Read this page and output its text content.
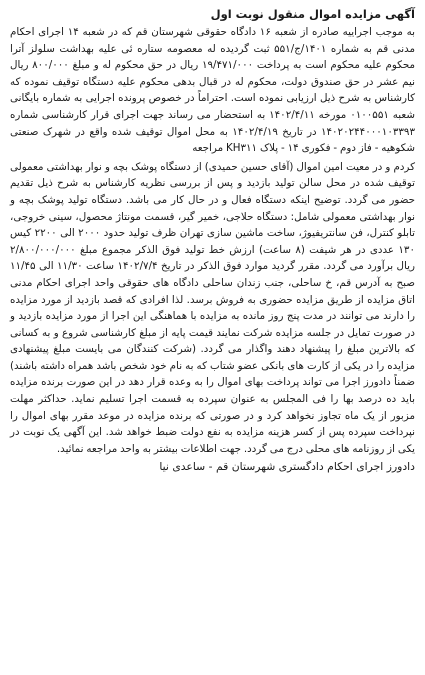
آگهی مزایده اموال منقول نوبت اول

به موجب اجراییه صادره از شعبه ۱۶ دادگاه حقوقی شهرستان قم که در شعبه ۱۴ اجرای احکام مدنی قم به شماره ۱۴۰۱/ج/۵۵۱ ثبت گردیده له معصومه ستاره ئی علیه بهداشت سلولز آترا محکوم علیه محکوم است به پرداخت ۱۹/۴۷۱/۰۰۰ ریال در حق محکوم له و مبلغ ۸۰۰/۰۰۰ ریال نیم عشر در حق صندوق دولت، محکوم له در قبال بدهی محکوم علیه دستگاه توقیف نموده که کارشناس به شرح ذیل ارزیابی نموده است. احتراماً در خصوص پرونده اجرایی به شماره بایگانی شعبه ۰۱۰۰۵۵۱ مورخه ۱۴۰۲/۴/۱۱ به استحضار می رساند جهت اجرای قرار کارشناسی شماره ۱۴۰۲۰۲۴۴۰۰۰۱۰۳۳۹۳ در تاریخ ۱۴۰۲/۴/۱۹ به محل اموال توقیف شده واقع در شهرک صنعتی شکوهیه - فاز دوم - فکوری ۱۴ - پلاک KH۳۱۱ مراجعه

کردم و در معیت امین اموال (آقای حسین حمیدی) از دستگاه پوشک بچه و نوار بهداشتی معمولی توقیف شده در محل سالن تولید بازدید و پس از بررسی نظریه کارشناس به شرح ذیل تقدیم حضور می گردد. توضیح اینکه دستگاه فعال و در حال کار می باشد. دستگاه تولید پوشک بچه و نوار بهداشتی معمولی شامل: دستگاه حلاجی، خمیر گیر، قسمت مونتاژ محصول، سینی خروجی، تابلو کنترل، فن سانتریفیوژ، ساخت ماشین سازی تهران ظرف تولید حدود ۲۰۰۰ الی ۲۲۰۰ کیس ۱۳۰ عددی در هر شیفت (۸ ساعت) ارزش خط تولید فوق الذکر مجموع مبلغ ۲/۸۰۰/۰۰۰/۰۰۰ ریال برآورد می گردد. مقرر گردید موارد فوق الذکر در تاریخ ۱۴۰۲/۷/۴ ساعت ۱۱/۳۰ الی ۱۱/۴۵ صبح به آدرس قم، خ ساحلی، جنب زندان ساحلی دادگاه های حقوقی واحد اجرای احکام مدنی اتاق مزایده از طریق مزایده حضوری به فروش برسد. لذا افرادی که قصد بازدید از مورد مزایده را دارند می توانند در مدت پنج روز مانده به مزایده با هماهنگی این اجرا از مورد مزایده بازدید و در صورت تمایل در جلسه مزایده شرکت نمایند قیمت پایه از مبلغ کارشناسی شروع و به کسانی که بالاترین مبلغ را پیشنهاد دهند واگذار می گردد. (شرکت کنندگان می بایست مبلغ پیشنهادی مزایده را در یکی از کارت های بانکی عضو شتاب که به نام خود شخص باشد همراه داشته باشند) ضمناً دادورز اجرا می تواند پرداخت بهای اموال را به وعده قرار دهد در این صورت برنده مزایده باید ده درصد بها را فی المجلس به عنوان سپرده به قسمت اجرا تسلیم نماید. حداکثر مهلت مزبور از یک ماه تجاوز نخواهد کرد و در صورتی که برنده مزایده در موعد مقرر بهای اموال را نپرداخت سپرده پس از کسر هزینه مزایده به نفع دولت ضبط خواهد شد. این آگهی یک نوبت در یکی از روزنامه های محلی درج می گردد. جهت اطلاعات بیشتر به واحد مراجعه نمائید.

دادورز اجرای احکام دادگستری شهرستان قم - ساعدی نیا
